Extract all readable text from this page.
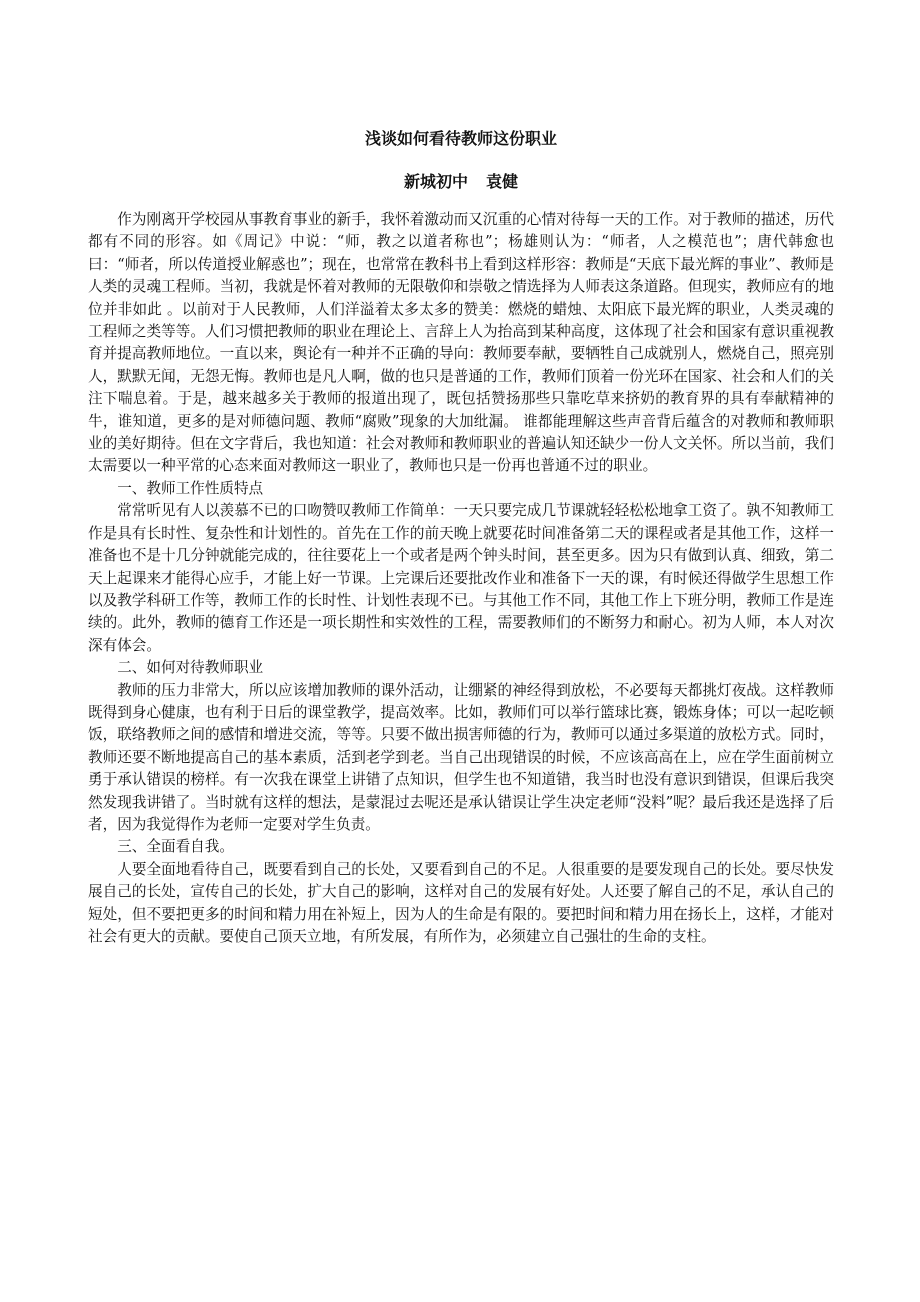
浅谈如何看待教师这份职业
新城初中 袁健

作为刚离开学校园从事教育事业的新手，我怀着激动而又沉重的心情对待每一天的工作。对于教师的描述，历代都有不同的形容。如《周记》中说：“师，教之以道者称也”；杨雄则认为：“师者，人之模范也”；唐代韩愈也曰：“师者，所以传道授业解惑也”；现在，也常常在教科书上看到这样形容：教师是“天底下最光辉的事业”、教师是人类的灵魂工程师。当初，我就是怀着对教师的无限敬仰和崇敬之情选择为人师表这条道路。但现实，教师应有的地位并非如此 。以前对于人民教师，人们洋溢着太多太多的赞美：燃烧的蜡烛、太阳底下最光辉的职业，人类灵魂的工程师之类等等。人们习惯把教师的职业在理论上、言辞上人为抬高到某种高度，这体现了社会和国家有意识重视教育并提高教师地位。一直以来，舆论有一种并不正确的导向：教师要奉献，要牺牲自己成就别人，燃烧自己，照亮别人，默默无闻，无怨无悔。教师也是凡人啊，做的也只是普通的工作，教师们顶着一份光环在国家、社会和人们的关注下喘息着。于是，越来越多关于教师的报道出现了，既包括赞扬那些只靠吃草来挤奶的教育界的具有奉献精神的牛，谁知道，更多的是对师德问题、教师“腐败”现象的大加纰漏。 谁都能理解这些声音背后蕴含的对教师和教师职业的美好期待。但在文字背后，我也知道：社会对教师和教师职业的普遍认知还缺少一份人文关怀。所以当前，我们太需要以一种平常的心态来面对教师这一职业了，教师也只是一份再也普通不过的职业。

一、教师工作性质特点

常常听见有人以羡慕不已的口吻赞叹教师工作简单：一天只要完成几节课就轻轻松松地拿工资了。孰不知教师工作是具有长时性、复杂性和计划性的。首先在工作的前天晚上就要花时间准备第二天的课程或者是其他工作，这样一准备也不是十几分钟就能完成的，往往要花上一个或者是两个钟头时间，甚至更多。因为只有做到认真、细致，第二天上起课来才能得心应手，才能上好一节课。上完课后还要批改作业和准备下一天的课，有时候还得做学生思想工作以及教学科研工作等，教师工作的长时性、计划性表现不已。与其他工作不同，其他工作上下班分明，教师工作是连续的。此外，教师的德育工作还是一项长期性和实效性的工程，需要教师们的不断努力和耐心。初为人师，本人对次深有体会。

二、如何对待教师职业

教师的压力非常大，所以应该增加教师的课外活动，让绷紧的神经得到放松，不必要每天都挑灯夜战。这样教师既得到身心健康，也有利于日后的课堂教学，提高效率。比如，教师们可以举行篮球比赛，锻炼身体；可以一起吃顿饭，联络教师之间的感情和增进交流，等等。只要不做出损害师德的行为，教师可以通过多渠道的放松方式。同时，教师还要不断地提高自己的基本素质，活到老学到老。当自己出现错误的时候，不应该高高在上，应在学生面前树立勇于承认错误的榜样。有一次我在课堂上讲错了点知识，但学生也不知道错，我当时也没有意识到错误，但课后我突然发现我讲错了。当时就有这样的想法，是蒙混过去呢还是承认错误让学生决定老师“没料”呢？最后我还是选择了后者，因为我觉得作为老师一定要对学生负责。

三、全面看自我。

人要全面地看待自己，既要看到自己的长处，又要看到自己的不足。人很重要的是要发现自己的长处。要尽快发展自己的长处，宣传自己的长处，扩大自己的影响，这样对自己的发展有好处。人还要了解自己的不足，承认自己的短处，但不要把更多的时间和精力用在补短上，因为人的生命是有限的。要把时间和精力用在扬长上，这样，才能对社会有更大的贡献。要使自己顶天立地，有所发展，有所作为，必须建立自己强壮的生命的支柱。
